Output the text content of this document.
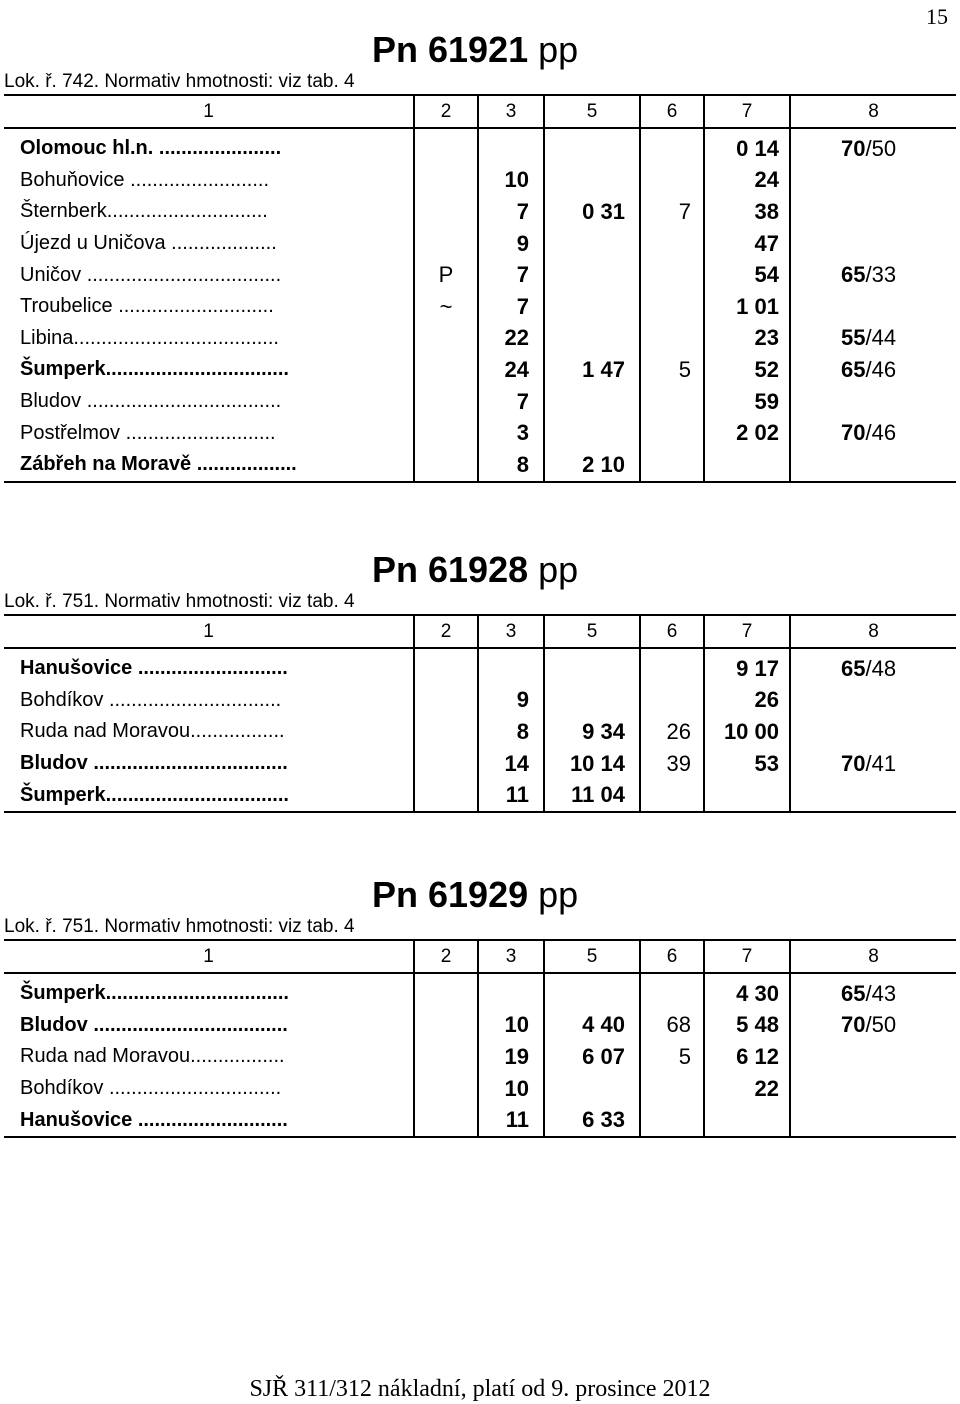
15
Pn 61921 pp
Lok. ř. 742. Normativ hmotnosti: viz tab. 4
1	2	3	5	6	7	8
Olomouc hl.n. ......................					0 14	70/50
Bohuňovice .........................		10			24	
Šternberk.............................		7	0 31	7	38	
Újezd u Uničova ...................		9			47	
Uničov ...................................	P	7			54	65/33
Troubelice ............................	~	7			1 01	
Libina.....................................		22			23	55/44
Šumperk.................................		24	1 47	5	52	65/46
Bludov ...................................		7			59	
Postřelmov ...........................		3			2 02	70/46
Zábřeh na Moravě ..................		8	2 10			
Pn 61928 pp
Lok. ř. 751. Normativ hmotnosti: viz tab. 4
1	2	3	5	6	7	8
Hanušovice ...........................					9 17	65/48
Bohdíkov ...............................		9			26	
Ruda nad Moravou.................		8	9 34	26	10 00	
Bludov ...................................		14	10 14	39	53	70/41
Šumperk.................................		11	11 04			
Pn 61929 pp
Lok. ř. 751. Normativ hmotnosti: viz tab. 4
1	2	3	5	6	7	8
Šumperk.................................					4 30	65/43
Bludov ...................................		10	4 40	68	5 48	70/50
Ruda nad Moravou.................		19	6 07	5	6 12	
Bohdíkov ...............................		10			22	
Hanušovice ...........................		11	6 33			
SJŘ 311/312 nákladní, platí od 9. prosince 2012
